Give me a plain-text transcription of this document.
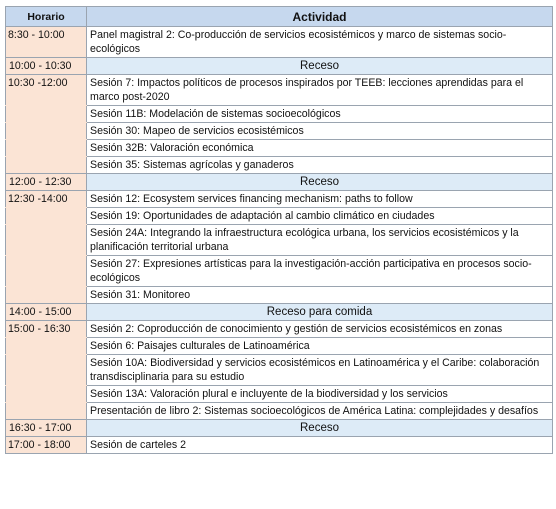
Horario	Actividad
8:30 - 10:00	Panel magistral 2: Co-producción de servicios ecosistémicos y marco de sistemas socio-ecológicos
10:00 - 10:30	Receso
10:30 -12:00	Sesión 7: Impactos políticos de procesos inspirados por TEEB: lecciones aprendidas para el marco post-2020
	Sesión 11B: Modelación de sistemas socioecológicos
	Sesión 30: Mapeo de servicios ecosistémicos
	Sesión 32B: Valoración económica
	Sesión 35: Sistemas agrícolas y ganaderos
12:00 - 12:30	Receso
12:30 -14:00	Sesión 12: Ecosystem services financing mechanism: paths to follow
	Sesión 19: Oportunidades de adaptación al cambio climático en ciudades
	Sesión 24A: Integrando la infraestructura ecológica urbana, los servicios ecosistémicos y la planificación territorial urbana
	Sesión 27: Expresiones artísticas para la investigación-acción participativa en procesos socio-ecológicos
	Sesión 31: Monitoreo
14:00 - 15:00	Receso para comida
15:00 - 16:30	Sesión 2: Coproducción de conocimiento y gestión de servicios ecosistémicos en zonas
	Sesión 6: Paisajes culturales de Latinoamérica
	Sesión 10A: Biodiversidad y servicios ecosistémicos en Latinoamérica y el Caribe: colaboración transdisciplinaria para su estudio
	Sesión 13A: Valoración plural e incluyente de la biodiversidad y los servicios
	Presentación de libro 2: Sistemas socioecológicos de América Latina: complejidades y desafíos
16:30 - 17:00	Receso
17:00 - 18:00	Sesión de carteles 2
